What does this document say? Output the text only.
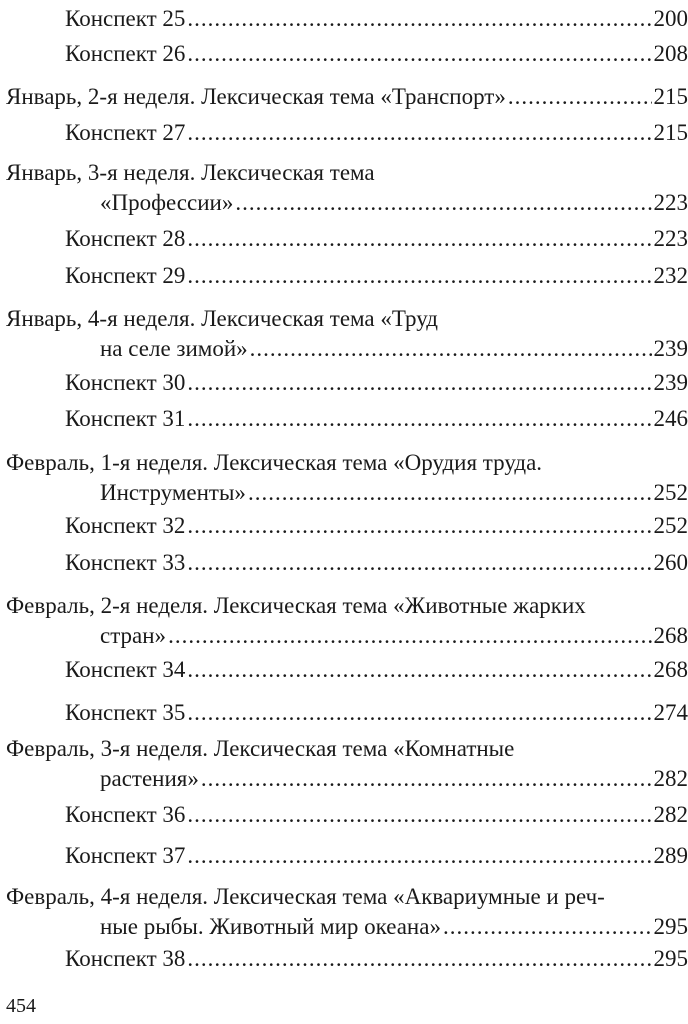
Конспект 25 .....	200
Конспект 26 .....	208
Январь, 2-я неделя. Лексическая тема «Транспорт» .....	215
Конспект 27 .....	215
Январь, 3-я неделя. Лексическая тема
«Профессии» .....	223
Конспект 28 .....	223
Конспект 29 .....	232
Январь, 4-я неделя. Лексическая тема «Труд
на селе зимой» .....	239
Конспект 30 .....	239
Конспект 31 .....	246
Февраль, 1-я неделя. Лексическая тема «Орудия труда.
Инструменты» .....	252
Конспект 32 .....	252
Конспект 33 .....	260
Февраль, 2-я неделя. Лексическая тема «Животные жарких
стран» .....	268
Конспект 34 .....	268
Конспект 35 .....	274
Февраль, 3-я неделя. Лексическая тема «Комнатные
растения» .....	282
Конспект 36 .....	282
Конспект 37 .....	289
Февраль, 4-я неделя. Лексическая тема «Аквариумные и реч-
ные рыбы. Животный мир океана» .....	295
Конспект 38 .....	295
454
